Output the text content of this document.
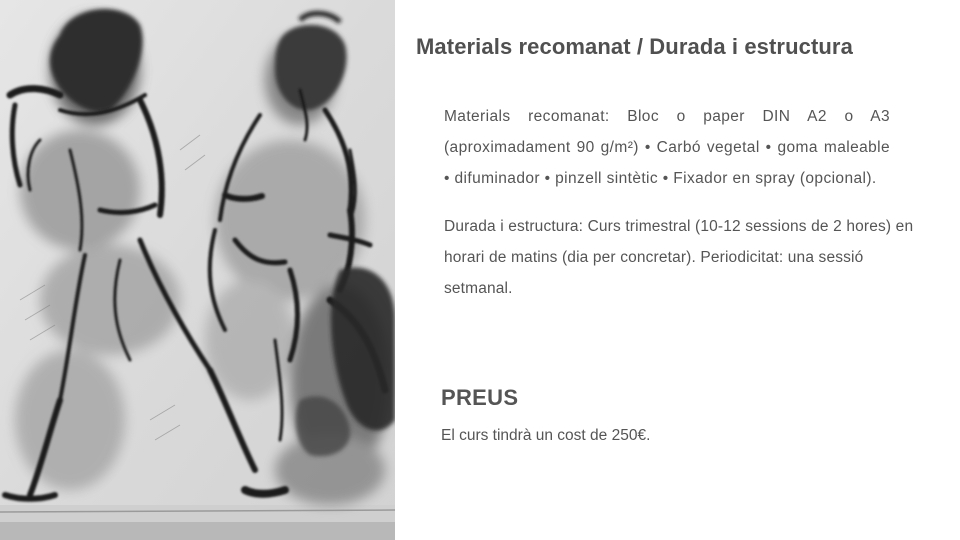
Materials recomanat / Durada i estructura

Materials recomanat: Bloc o paper DIN A2 o A3 (aproximadament 90 g/m²) • Carbó vegetal • goma maleable • difuminador • pinzell sintètic • Fixador en spray (opcional).

Durada i estructura: Curs trimestral (10-12 sessions de 2 hores) en horari de matins (dia per concretar). Periodicitat: una sessió setmanal.

PREUS
El curs tindrà un cost de 250€.
